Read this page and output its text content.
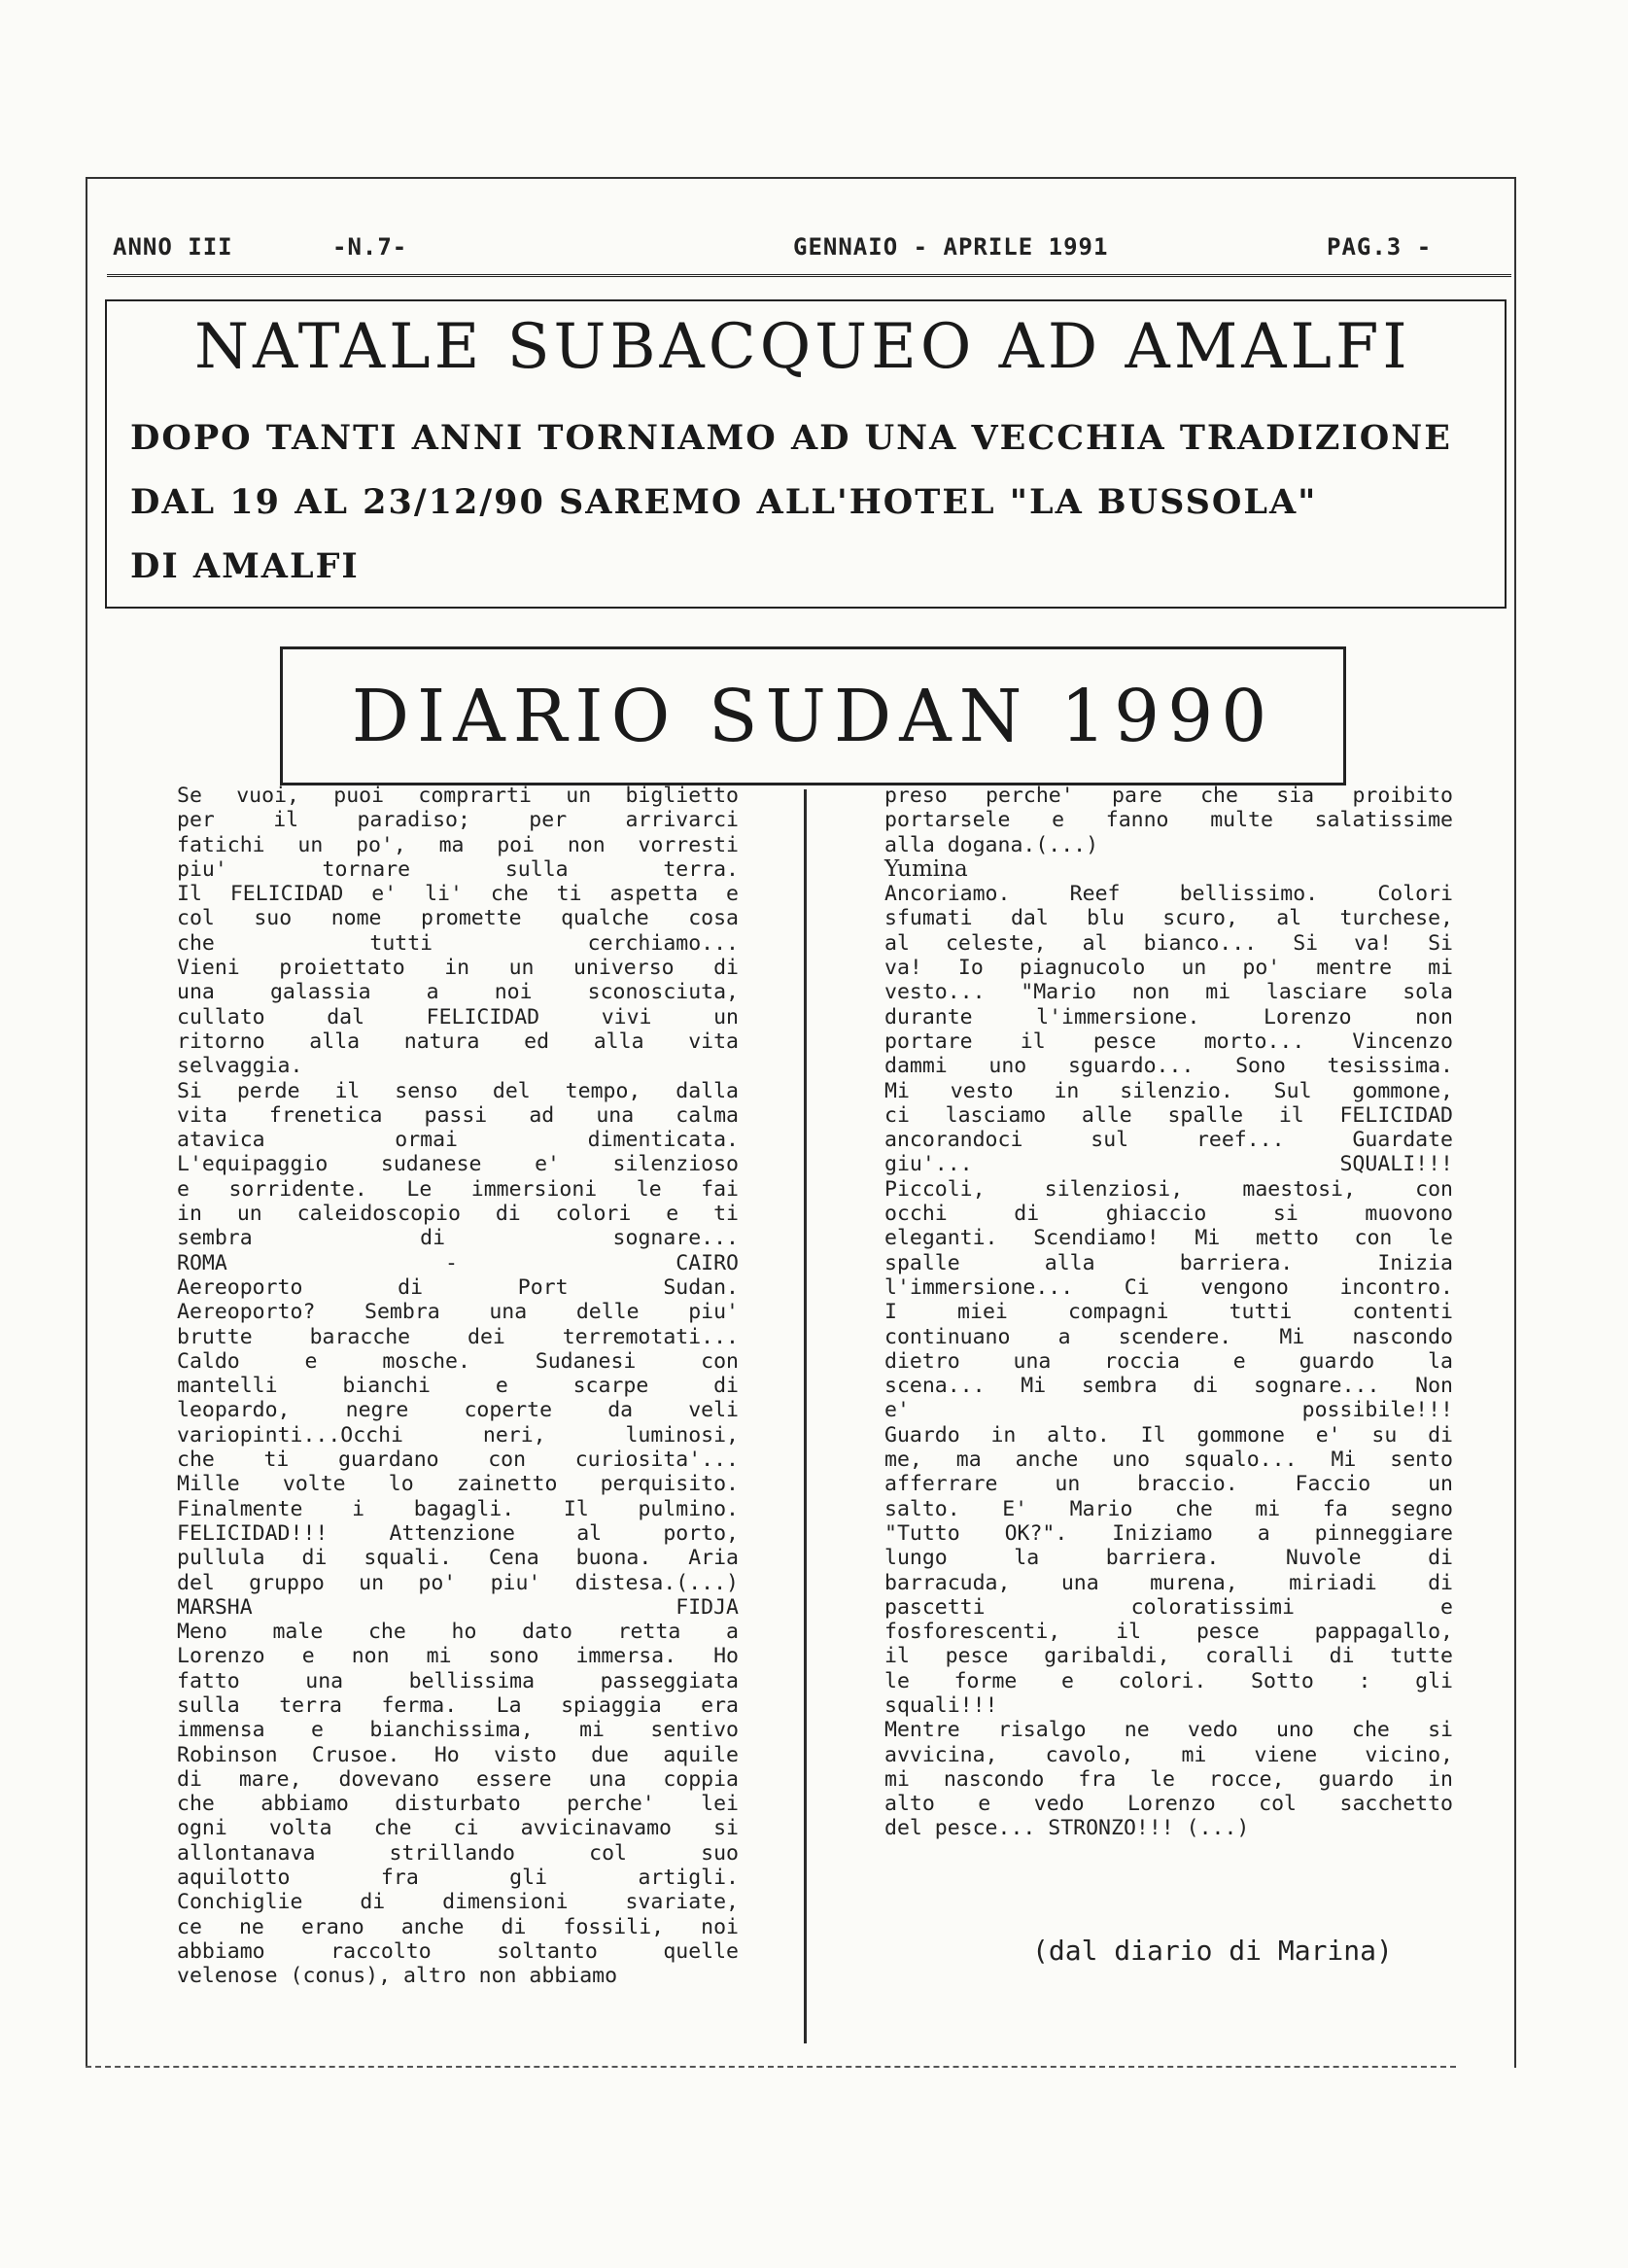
ANNO III	-N.7-	GENNAIO - APRILE 1991	PAG.3 -
NATALE SUBACQUEO AD AMALFI
DOPO TANTI ANNI TORNIAMO AD UNA VECCHIA TRADIZIONE
DAL 19 AL 23/12/90 SAREMO ALL'HOTEL "LA BUSSOLA"
DI AMALFI
DIARIO SUDAN 1990
Se vuoi, puoi comprarti un biglietto
per il paradiso; per arrivarci
fatichi un po', ma poi non vorresti
piu' tornare sulla terra.
Il FELICIDAD e' li' che ti aspetta e
col suo nome promette qualche cosa
che tutti cerchiamo...
Vieni proiettato in un universo di
una galassia a noi sconosciuta,
cullato dal FELICIDAD vivi un
ritorno alla natura ed alla vita
selvaggia.
Si perde il senso del tempo, dalla
vita frenetica passi ad una calma
atavica ormai dimenticata.
L'equipaggio sudanese e' silenzioso
e sorridente. Le immersioni le fai
in un caleidoscopio di colori e ti
sembra di sognare...
ROMA - CAIRO
Aereoporto di Port Sudan.
Aereoporto? Sembra una delle piu'
brutte baracche dei terremotati...
Caldo e mosche. Sudanesi con
mantelli bianchi e scarpe di
leopardo, negre coperte da veli
variopinti...Occhi neri, luminosi,
che ti guardano con curiosita'...
Mille volte lo zainetto perquisito.
Finalmente i bagagli. Il pulmino.
FELICIDAD!!! Attenzione al porto,
pullula di squali. Cena buona. Aria
del gruppo un po' piu' distesa.(...)
MARSHA FIDJA
Meno male che ho dato retta a
Lorenzo e non mi sono immersa. Ho
fatto una bellissima passeggiata
sulla terra ferma. La spiaggia era
immensa e bianchissima, mi sentivo
Robinson Crusoe. Ho visto due aquile
di mare, dovevano essere una coppia
che abbiamo disturbato perche' lei
ogni volta che ci avvicinavamo si
allontanava strillando col suo
aquilotto fra gli artigli.
Conchiglie di dimensioni svariate,
ce ne erano anche di fossili, noi
abbiamo raccolto soltanto quelle
velenose (conus), altro non abbiamo
preso perche' pare che sia proibito
portarsele e fanno multe salatissime
alla dogana.(...)
Yumina
Ancoriamo. Reef bellissimo. Colori
sfumati dal blu scuro, al turchese,
al celeste, al bianco... Si va! Si
va! Io piagnucolo un po' mentre mi
vesto... "Mario non mi lasciare sola
durante l'immersione. Lorenzo non
portare il pesce morto... Vincenzo
dammi uno sguardo... Sono tesissima.
Mi vesto in silenzio. Sul gommone,
ci lasciamo alle spalle il FELICIDAD
ancorandoci sul reef... Guardate
giu'... SQUALI!!!
Piccoli, silenziosi, maestosi, con
occhi di ghiaccio si muovono
eleganti. Scendiamo! Mi metto con le
spalle alla barriera. Inizia
l'immersione... Ci vengono incontro.
I miei compagni tutti contenti
continuano a scendere. Mi nascondo
dietro una roccia e guardo la
scena... Mi sembra di sognare... Non
e' possibile!!!
Guardo in alto. Il gommone e' su di
me, ma anche uno squalo... Mi sento
afferrare un braccio. Faccio un
salto. E' Mario che mi fa segno
"Tutto OK?". Iniziamo a pinneggiare
lungo la barriera. Nuvole di
barracuda, una murena, miriadi di
pascetti coloratissimi e
fosforescenti, il pesce pappagallo,
il pesce garibaldi, coralli di tutte
le forme e colori. Sotto : gli
squali!!!
Mentre risalgo ne vedo uno che si
avvicina, cavolo, mi viene vicino,
mi nascondo fra le rocce, guardo in
alto e vedo Lorenzo col sacchetto
del pesce... STRONZO!!! (...)
(dal diario di Marina)
